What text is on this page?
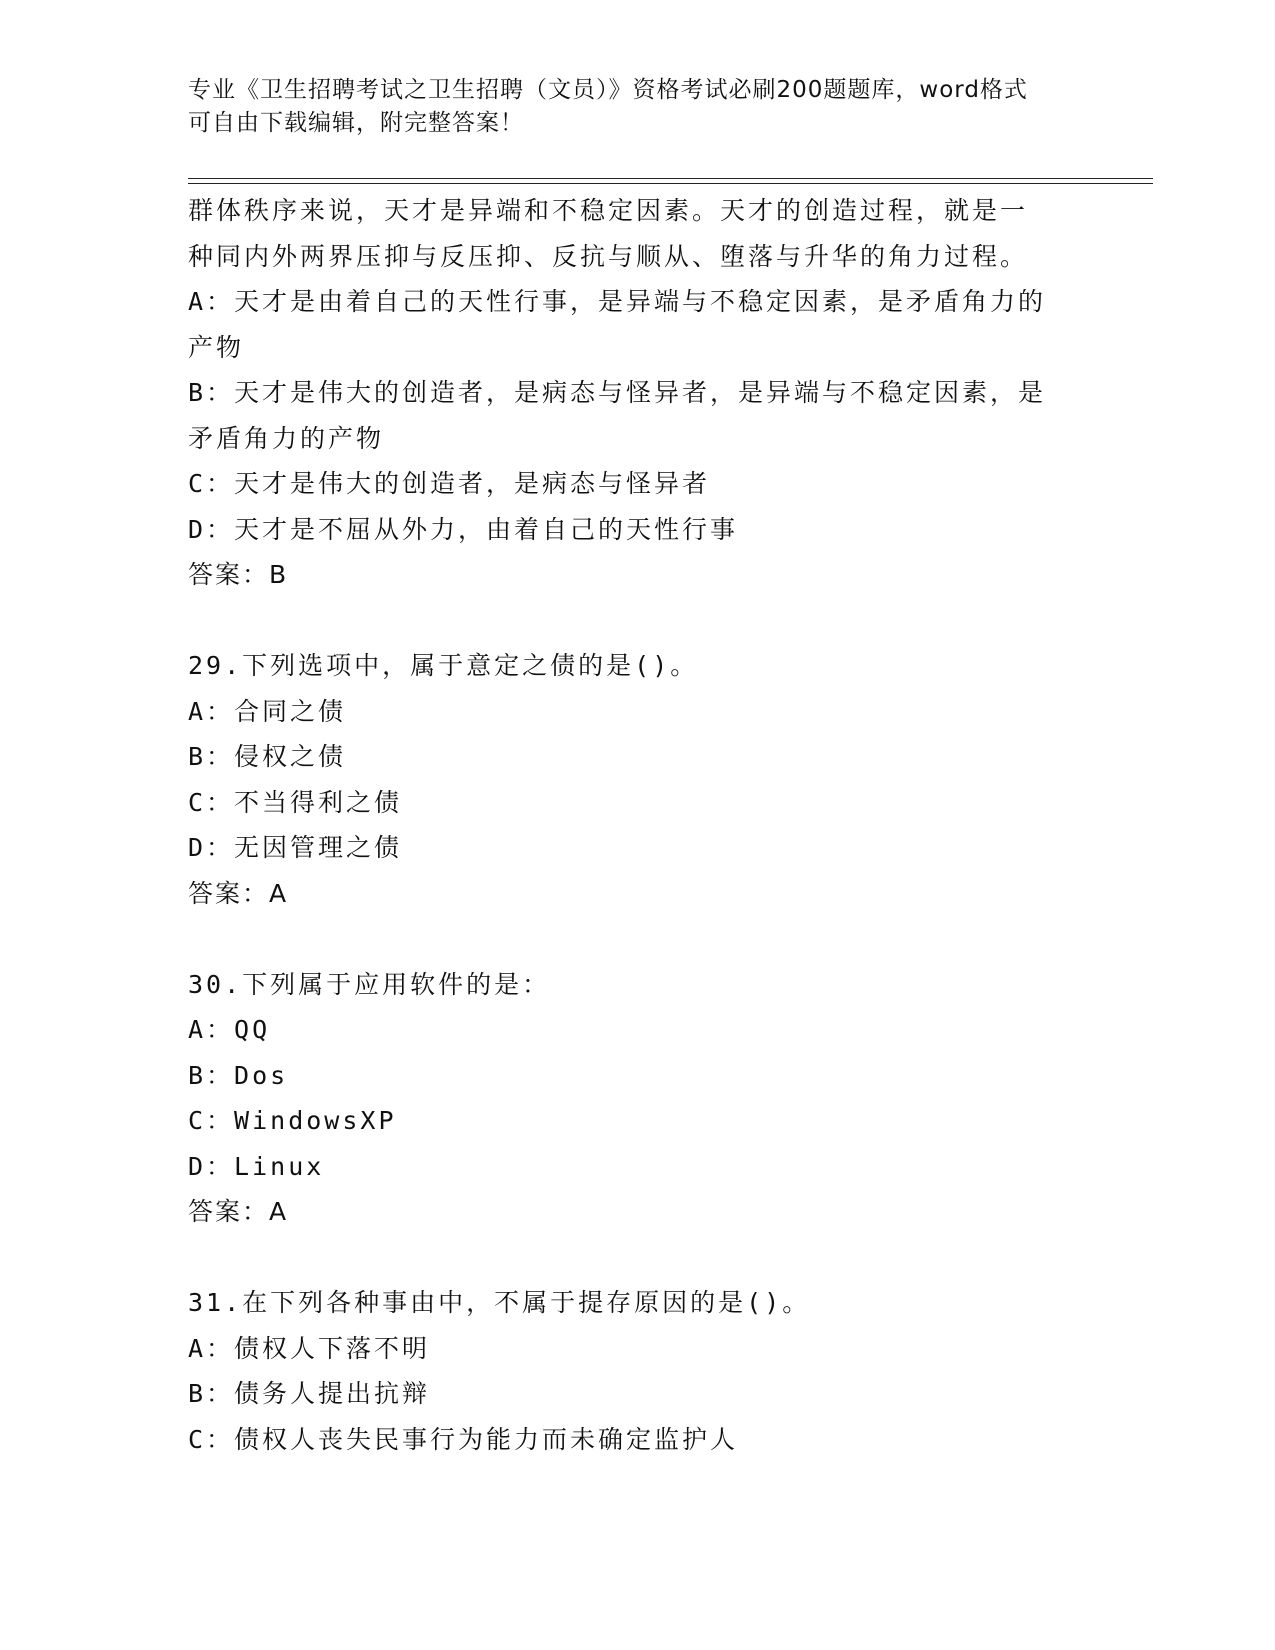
专业《卫生招聘考试之卫生招聘（文员）》资格考试必刷200题题库，word格式
可自由下载编辑，附完整答案！
群体秩序来说，天才是异端和不稳定因素。天才的创造过程，就是一
种同内外两界压抑与反压抑、反抗与顺从、堕落与升华的角力过程。
A：天才是由着自己的天性行事，是异端与不稳定因素，是矛盾角力的
产物
B：天才是伟大的创造者，是病态与怪异者，是异端与不稳定因素，是
矛盾角力的产物
C：天才是伟大的创造者，是病态与怪异者
D：天才是不屈从外力，由着自己的天性行事
答案：B
29.下列选项中，属于意定之债的是()。
A：合同之债
B：侵权之债
C：不当得利之债
D：无因管理之债
答案：A
30.下列属于应用软件的是：
A：QQ
B：Dos
C：WindowsXP
D：Linux
答案：A
31.在下列各种事由中，不属于提存原因的是()。
A：债权人下落不明
B：债务人提出抗辩
C：债权人丧失民事行为能力而未确定监护人
